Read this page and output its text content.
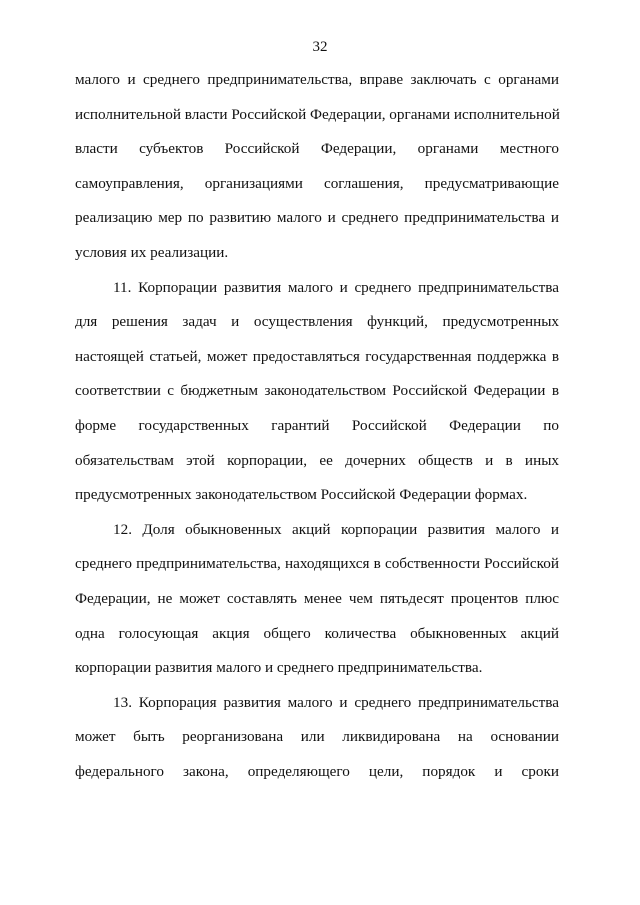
32
малого и среднего предпринимательства, вправе заключать с органами
исполнительной власти Российской Федерации, органами исполнительной
власти субъектов Российской Федерации, органами местного
самоуправления, организациями соглашения, предусматривающие
реализацию мер по развитию малого и среднего предпринимательства и
условия их реализации.
11. Корпорации развития малого и среднего предпринимательства
для решения задач и осуществления функций, предусмотренных
настоящей статьей, может предоставляться государственная поддержка в
соответствии с бюджетным законодательством Российской Федерации в
форме государственных гарантий Российской Федерации по
обязательствам этой корпорации, ее дочерних обществ и в иных
предусмотренных законодательством Российской Федерации формах.
12. Доля обыкновенных акций корпорации развития малого и
среднего предпринимательства, находящихся в собственности Российской
Федерации, не может составлять менее чем пятьдесят процентов плюс
одна голосующая акция общего количества обыкновенных акций
корпорации развития малого и среднего предпринимательства.
13. Корпорация развития малого и среднего предпринимательства
может быть реорганизована или ликвидирована на основании
федерального закона, определяющего цели, порядок и сроки
